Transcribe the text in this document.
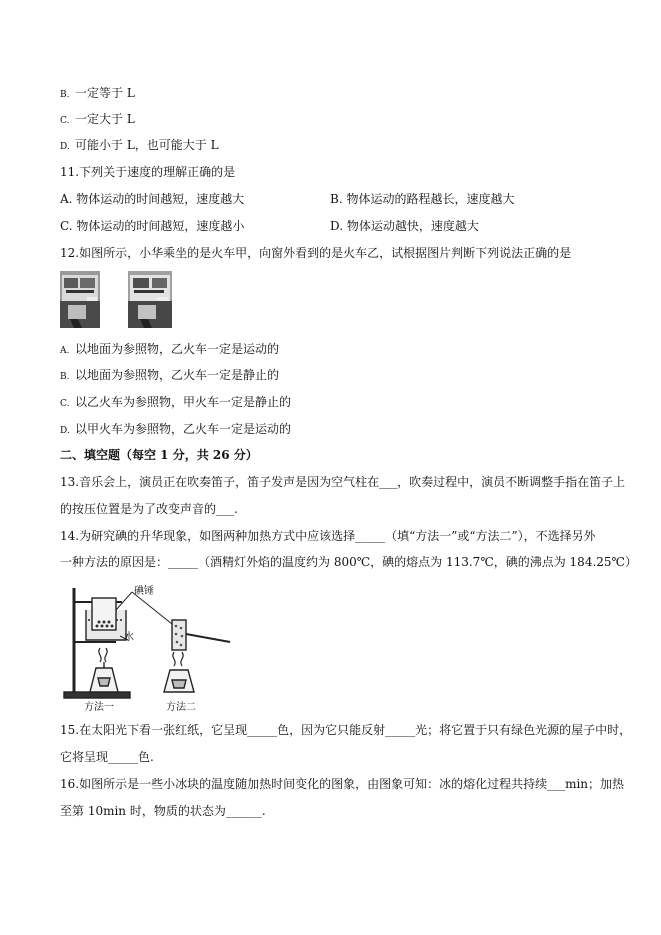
B. 一定等于 L
C. 一定大于 L
D. 可能小于 L，也可能大于 L
11.下列关于速度的理解正确的是
A. 物体运动的时间越短，速度越大	B. 物体运动的路程越长，速度越大
C. 物体运动的时间越短，速度越小	D. 物体运动越快，速度越大
12.如图所示，小华乘坐的是火车甲，向窗外看到的是火车乙，试根据图片判断下列说法正确的是
A. 以地面为参照物，乙火车一定是运动的
B. 以地面为参照物，乙火车一定是静止的
C. 以乙火车为参照物，甲火车一定是静止的
D. 以甲火车为参照物，乙火车一定是运动的
二、填空题（每空 1 分，共 26 分）
13.音乐会上，演员正在吹奏笛子，笛子发声是因为空气柱在___，吹奏过程中，演员不断调整手指在笛子上
的按压位置是为了改变声音的___.
14.为研究碘的升华现象，如图两种加热方式中应该选择_____（填“方法一”或“方法二”），不选择另外
一种方法的原因是：_____（酒精灯外焰的温度约为 800℃，碘的熔点为 113.7℃，碘的沸点为 184.25℃）
碘锤
水
方法一	方法二
15.在太阳光下看一张红纸，它呈现_____色，因为它只能反射_____光；将它置于只有绿色光源的屋子中时，
它将呈现_____色.
16.如图所示是一些小冰块的温度随加热时间变化的图象，由图象可知：冰的熔化过程共持续___min；加热
至第 10min 时，物质的状态为______.
